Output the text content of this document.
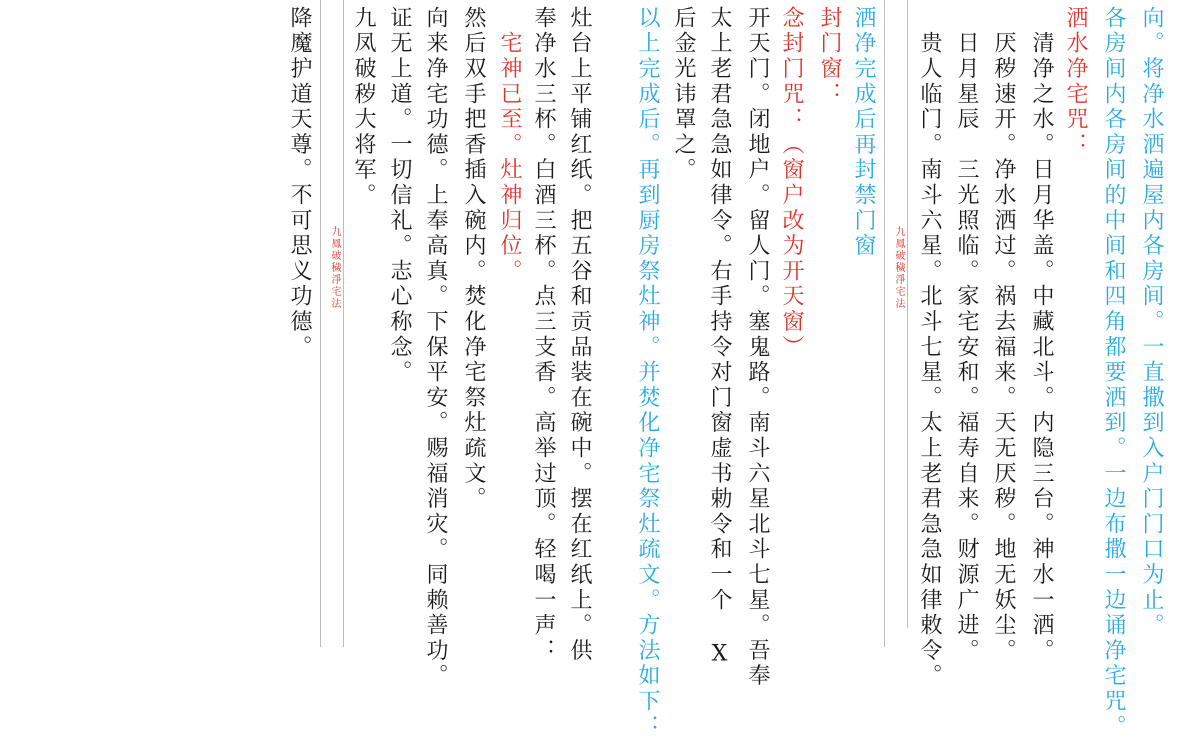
向。将净水洒遍屋内各房间。一直撒到入户门门口为止。
各房间内各房间的中间和四角都要洒到。一边布撒一边诵净宅咒。
洒水净宅咒：
　清净之水。日月华盖。中藏北斗。内隐三台。神水一洒。
　厌秽速开。净水洒过。祸去福来。天无厌秽。地无妖尘。
　日月星辰　三光照临。家宅安和。福寿自来。财源广进。
　贵人临门。南斗六星。北斗七星。太上老君急急如律敕令。
九鳳破穢淨宅法
洒净完成后再封禁门窗
封门窗：
念封门咒：（窗户改为开天窗）
开天门。闭地户。留人门。塞鬼路。南斗六星北斗七星。吾奉
太上老君急急如律令。右手持令对门窗虚书勅令和一个 X
后金光讳罩之。
以上完成后。再到厨房祭灶神。并焚化净宅祭灶疏文。方法如下：
灶台上平铺红纸。把五谷和贡品装在碗中。摆在红纸上。供
奉净水三杯。白酒三杯。点三支香。高举过顶。轻喝一声：
　宅神已至。灶神归位。
然后双手把香插入碗内。焚化净宅祭灶疏文。
向来净宅功德。上奉高真。下保平安。赐福消灾。同赖善功。
证无上道。一切信礼。志心称念。
九凤破秽大将军。
九鳳破穢淨宅法
降魔护道天尊。不可思义功德。
